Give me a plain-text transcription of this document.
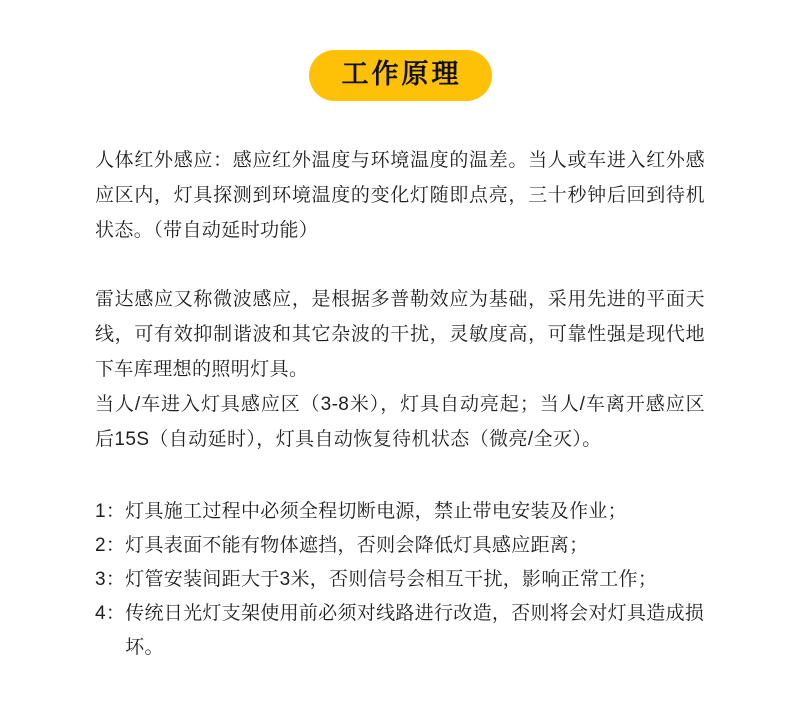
工作原理
人体红外感应：感应红外温度与环境温度的温差。当人或车进入红外感应区内，灯具探测到环境温度的变化灯随即点亮，三十秒钟后回到待机状态。（带自动延时功能）
雷达感应又称微波感应，是根据多普勒效应为基础，采用先进的平面天线，可有效抑制谐波和其它杂波的干扰，灵敏度高，可靠性强是现代地下车库理想的照明灯具。
当人/车进入灯具感应区（3-8米），灯具自动亮起；当人/车离开感应区后15S（自动延时），灯具自动恢复待机状态（微亮/全灭）。
1： 灯具施工过程中必须全程切断电源，禁止带电安装及作业；
2： 灯具表面不能有物体遮挡，否则会降低灯具感应距离；
3： 灯管安装间距大于3米，否则信号会相互干扰，影响正常工作；
4： 传统日光灯支架使用前必须对线路进行改造，否则将会对灯具造成损坏。
